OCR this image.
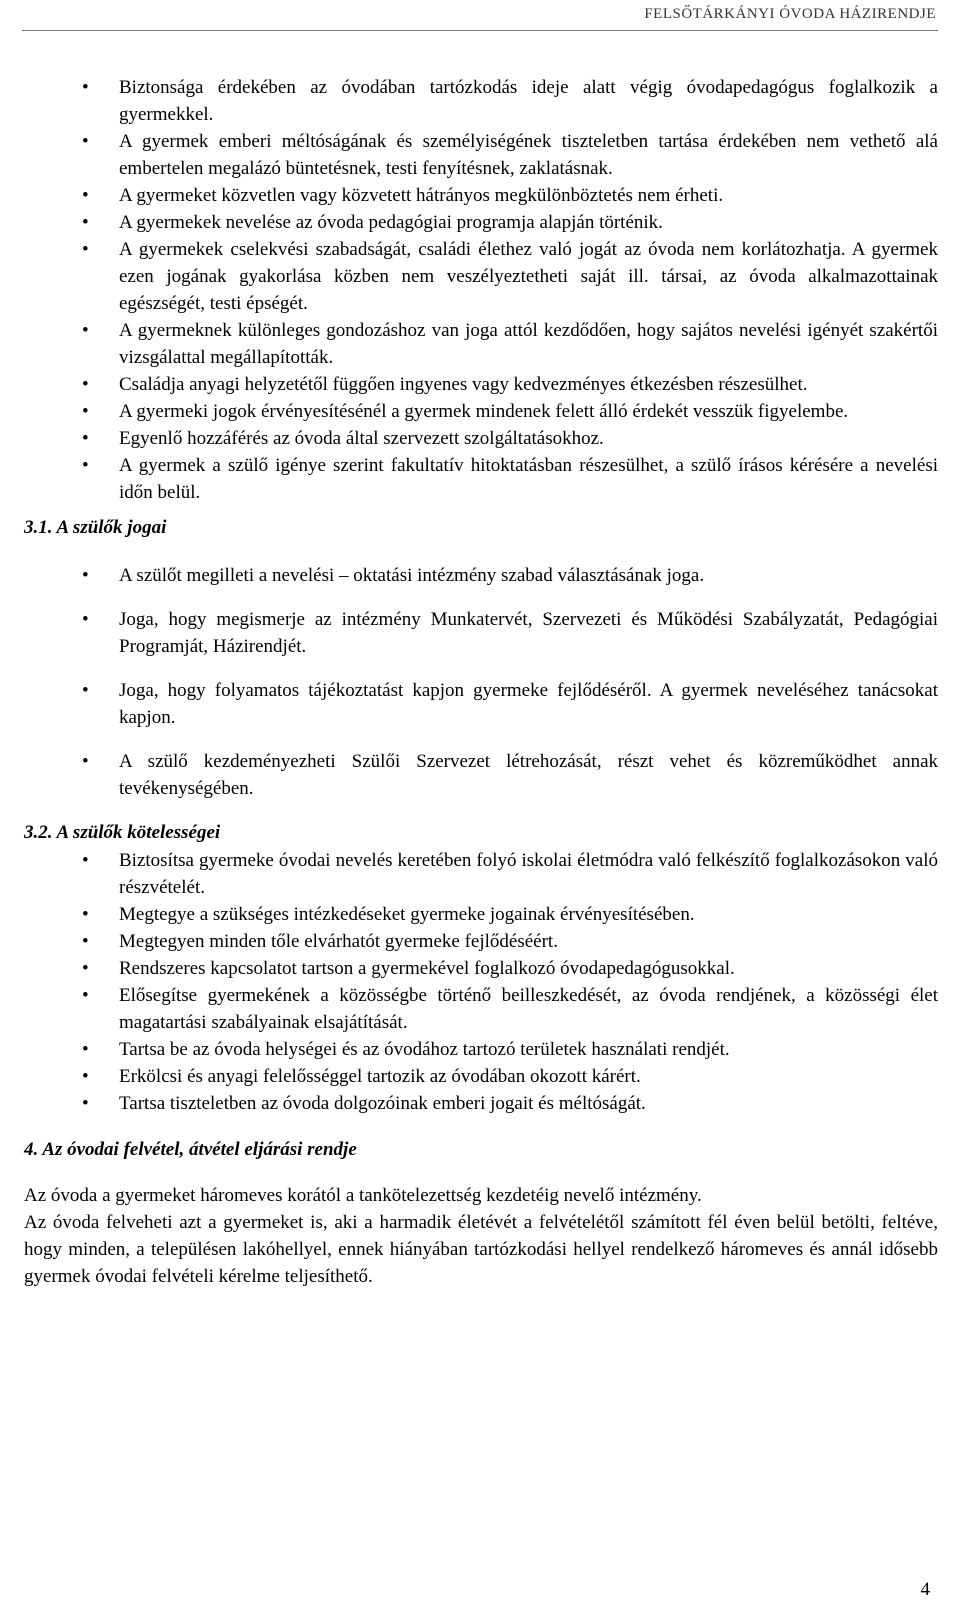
FELSŐTÁRKÁNYI ÓVODA HÁZIRENDJE
• Biztonsága érdekében az óvodában tartózkodás ideje alatt végig óvodapedagógus foglalkozik a gyermekkel.
• A gyermek emberi méltóságának és személyiségének tiszteletben tartása érdekében nem vethető alá embertelen megalázó büntetésnek, testi fenyítésnek, zaklatásnak.
• A gyermeket közvetlen vagy közvetett hátrányos megkülönböztetés nem érheti.
• A gyermekek nevelése az óvoda pedagógiai programja alapján történik.
• A gyermekek cselekvési szabadságát, családi élethez való jogát az óvoda nem korlátozhatja. A gyermek ezen jogának gyakorlása közben nem veszélyeztetheti saját ill. társai, az óvoda alkalmazottainak egészségét, testi épségét.
• A gyermeknek különleges gondozáshoz van joga attól kezdődően, hogy sajátos nevelési igényét szakértői vizsgálattal megállapították.
• Családja anyagi helyzetétől függően ingyenes vagy kedvezményes étkezésben részesülhet.
• A gyermeki jogok érvényesítésénél a gyermek mindenek felett álló érdekét vesszük figyelembe.
• Egyenlő hozzáférés az óvoda által szervezett szolgáltatásokhoz.
• A gyermek a szülő igénye szerint fakultatív hitoktatásban részesülhet, a szülő írásos kérésére a nevelési időn belül.
3.1. A szülők jogai
• A szülőt megilleti a nevelési – oktatási intézmény szabad választásának joga.
• Joga, hogy megismerje az intézmény Munkatervét, Szervezeti és Működési Szabályzatát, Pedagógiai Programját, Házirendjét.
• Joga, hogy folyamatos tájékoztatást kapjon gyermeke fejlődéséről. A gyermek neveléséhez tanácsokat kapjon.
• A szülő kezdeményezheti Szülői Szervezet létrehozását, részt vehet és közreműködhet annak tevékenységében.
3.2. A szülők kötelességei
• Biztosítsa gyermeke óvodai nevelés keretében folyó iskolai életmódra való felkészítő foglalkozásokon való részvételét.
• Megtegye a szükséges intézkedéseket gyermeke jogainak érvényesítésében.
• Megtegyen minden tőle elvárhatót gyermeke fejlődéséért.
• Rendszeres kapcsolatot tartson a gyermekével foglalkozó óvodapedagógusokkal.
• Elősegítse gyermekének a közösségbe történő beilleszkedését, az óvoda rendjének, a közösségi élet magatartási szabályainak elsajátítását.
• Tartsa be az óvoda helységei és az óvodához tartozó területek használati rendjét.
• Erkölcsi és anyagi felelősséggel tartozik az óvodában okozott kárért.
• Tartsa tiszteletben az óvoda dolgozóinak emberi jogait és méltóságát.
4. Az óvodai felvétel, átvétel eljárási rendje
Az óvoda a gyermeket háromeves korától a tankötelezettség kezdetéig nevelő intézmény.
Az óvoda felveheti azt a gyermeket is, aki a harmadik életévét a felvételétől számított fél éven belül betölti, feltéve, hogy minden, a településen lakóhellyel, ennek hiányában tartózkodási hellyel rendelkező háromeves és annál idősebb gyermek óvodai felvételi kérelme teljesíthető.
4
